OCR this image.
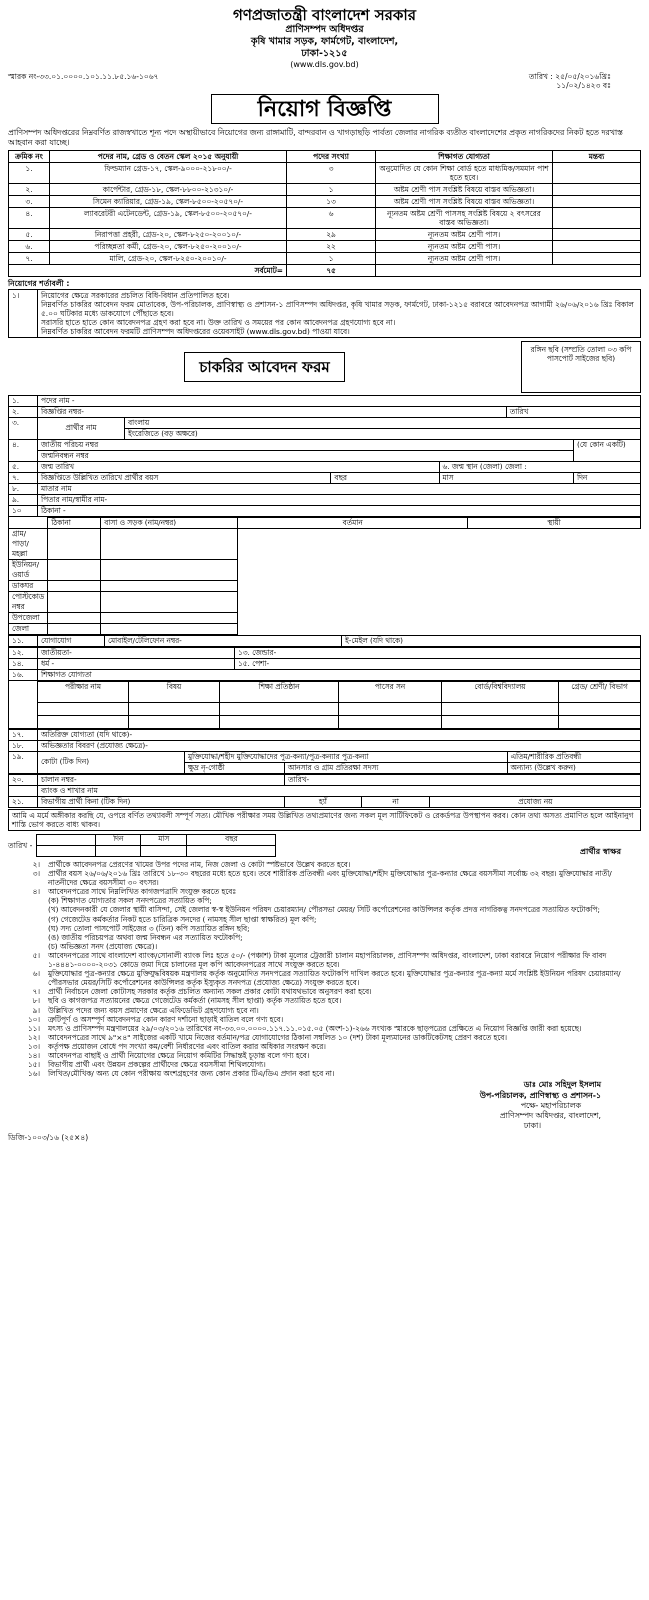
গণপ্রজাতন্ত্রী বাংলাদেশ সরকার
প্রাণিসম্পদ অধিদপ্তর
কৃষি খামার সড়ক, ফার্মগেট, বাংলাদেশ,
ঢাকা-১২১৫
(www.dls.gov.bd)
স্মারক নং-৩৩.০১.০০০০.১০১.১১.৮৫.১৬-১০৬৭	তারিখ : ২৫/০৫/২০১৬খ্রিঃ
১১/০২/১৪২৩ বঃ
নিয়োগ বিজ্ঞপ্তি
প্রাণিসম্পদ অধিদপ্তরের নিম্নবর্ণিত রাজস্বখাতে শূন্য পদে অস্থায়ীভাবে নিয়োগের জন্য রাঙ্গামাটি, বান্দরবান ও খাগড়াছড়ি পার্বত্য জেলার নাগরিক ব্যতীত বাংলাদেশের প্রকৃত নাগরিকদের নিকট হতে দরখাস্ত আহবান করা যাচ্ছে।
ক্রমিক নং	পদের নাম, গ্রেড ও বেতন স্কেল ২০১৫ অনুযায়ী	পদের সংখ্যা	শিক্ষাগত যোগ্যতা	মন্তব্য
১.	ফিল্ডম্যান গ্রেড-১৭, স্কেল-৯০০০-২১৮০০/-	৩	অনুমোদিত যে কোন শিক্ষা বোর্ড হতে মাধ্যমিক/সমমান পাশ হতে হবে।	
২.	কার্পেন্টার, গ্রেড-১৮, স্কেল-৮৮০০-২১৩১০/-	১	অষ্টম শ্রেণী পাস সংশ্লিষ্ট বিষয়ে বাস্তব অভিজ্ঞতা।	
৩.	সিমেন ক্যারিয়ার, গ্রেড-১৯, স্কেল-৮৫০০-২০৫৭০/-	১৩	অষ্টম শ্রেণী পাস সংশ্লিষ্ট বিষয়ে বাস্তব অভিজ্ঞতা।	
৪.	ল্যাবরেটরী এটেনডেন্ট, গ্রেড-১৯, স্কেল-৮৫০০-২০৫৭০/-	৬	ন্যূনতম অষ্টম শ্রেণী পাসসহ সংশ্লিষ্ট বিষয়ে ২ বৎসরের বাস্তব অভিজ্ঞতা।	
৫.	নিরাপত্তা প্রহরী, গ্রেড-২০, স্কেল-৮২৫০-২০০১০/-	২৯	ন্যূনতম অষ্টম শ্রেণী পাস।	
৬.	পরিচ্ছন্নতা কর্মী, গ্রেড-২০, স্কেল-৮২৫০-২০০১০/-	২২	ন্যূনতম অষ্টম শ্রেণী পাস।	
৭.	মালি, গ্রেড-২০, স্কেল-৮২৫০-২০০১০/-	১	ন্যূনতম অষ্টম শ্রেণী পাস।	
সর্বমোট=		৭৫		
নিয়োগের শর্তাবলী :
১।	নিয়োগের ক্ষেত্রে সরকারের প্রচলিত বিধি-বিধান প্রতিপালিত হবে।
নিম্নবর্ণিত চাকরির আবেদন ফরম মোতাবেক, উপ-পরিচালক, প্রাণিস্বাস্থ্য ও প্রশাসন-১ প্রাণিসম্পদ অধিদপ্তর, কৃষি খামার সড়ক, ফার্মগেট, ঢাকা-১২১৫ বরাবরে আবেদনপত্র আগামী ২৬/০৬/২০১৬ খ্রিঃ বিকাল ৫.০০ ঘটিকার মধ্যে ডাকযোগে পৌঁছাতে হবে।
সরাসরি হাতে হাতে কোন আবেদনপত্র গ্রহণ করা হবে না। উক্ত তারিখ ও সময়ের পর কোন আবেদনপত্র গ্রহণযোগ্য হবে না।
নিম্নবর্ণিত চাকরির আবেদন ফরমটি প্রাণিসম্পদ অধিদপ্তরের ওয়েবসাইট (www.dls.gov.bd) পাওয়া যাবে।
চাকরির আবেদন ফরম
রঙ্গিন ছবি (সম্প্রতি তোলা ০৩ কপি পাসপোর্ট সাইজের ছবি)
১.	পদের নাম -					
২.	বিজ্ঞপ্তির নম্বর-				তারিখ	
৩.	প্রার্থীর নাম	বাংলায়				
		ইংরেজিতে (বড় অক্ষরে)				
৪.	জাতীয় পরিচয় নম্বর					(যে কোন একটি)
	জন্মনিবন্ধন নম্বর					
৫.	জন্ম তারিখ			৬. জন্ম স্থান (জেলা) জেলা :		
৭.	বিজ্ঞপ্তিতে উল্লিখিত তারিখে প্রার্থীর বয়স		বছর	মাস		দিন
৮.	মাতার নাম					
৯.	পিতার নাম/স্বামীর নাম-					
১০	ঠিকানা -					
	ঠিকানা	বাসা ও সড়ক (নাম/নম্বর)	বর্তমান	স্থায়ী
গ্রাম/ পাড়া/ মহল্লা				
ইউনিয়ন/ওয়ার্ড				
ডাকঘর				
পোস্টকোড নম্বর				
উপজেলা				
জেলা				
১১.	যোগাযোগ	মোবাইল/টেলিফোন নম্বর-	ই-মেইল (যদি থাকে)
১২.	জাতীয়তা-	১৩. জেন্ডার-
১৪.	ধর্ম -	১৫. পেশা-
১৬.	শিক্ষাগত যোগ্যতা	
	পরীক্ষার নাম	বিষয়	শিক্ষা প্রতিষ্ঠান	পাসের সন	বোর্ড/বিশ্ববিদ্যালয়	গ্রেড/ শ্রেণী/ বিভাগ

১৭.	অতিরিক্ত যোগ্যতা (যদি থাকে)-			
১৮.	অভিজ্ঞতার বিবরণ (প্রযোজ্য ক্ষেত্রে)-			
১৯.	কোটা (টিক দিন)	মুক্তিযোদ্ধা/শহীদ মুক্তিযোদ্ধাদের পুত্র-কন্যা/পুত্র-কন্যার পুত্র-কন্যা		এতিম/শারীরিক প্রতিবন্ধী
		ক্ষুদ্র নৃ-গোষ্ঠী	আনসার ও গ্রাম প্রতিরক্ষা সদস্য	অন্যান্য (উল্লেখ করুন)
২০.	চালান নম্বর-	তারিখ-		
	ব্যাংক ও শাখার নাম			
২১.	বিভাগীয় প্রার্থী কিনা (টিক দিন)	হ্যাঁ	না	প্রযোজ্য নয়
আমি এ মর্মে অঙ্গীকার করছি যে, ওপরে বর্ণিত তথ্যাবলী সম্পূর্ণ সত্য। মৌখিক পরীক্ষার সময় উল্লিখিত তথ্যপ্রমাণের জন্য সকল মূল সার্টিফিকেট ও রেকর্ডপত্র উপস্থাপন করব। কোন তথ্য অসত্য প্রমাণিত হলে আইনানুগ শাস্তি ভোগ করতে বাধ্য থাকব।
তারিখ -
	দিন	মাস	বছর

প্রার্থীর স্বাক্ষর
২।	প্রার্থীকে আবেদনপত্র প্রেরণের খামের উপর পদের নাম, নিজ জেলা ও কোটা স্পষ্টভাবে উল্লেখ করতে হবে।
৩।	প্রার্থীর বয়স ২৬/০৬/২০১৬ খ্রিঃ তারিখে ১৮-৩০ বছরের মধ্যে হতে হবে। তবে শারীরিক প্রতিবন্ধী এবং মুক্তিযোদ্ধা/শহীদ মুক্তিযোদ্ধার পুত্র-কন্যার ক্ষেত্রে বয়সসীমা সর্বোচ্চ ৩২ বছর। মুক্তিযোদ্ধার নাতী/নাতনীদের ক্ষেত্রে বয়সসীমা ৩০ বৎসর।
৪।	আবেদনপত্রের সাথে নিম্নলিখিত কাগজপত্রাদি সংযুক্ত করতে হবেঃ
	(ক) শিক্ষাগত যোগ্যতার সকল সনদপত্রের সত্যায়িত কপি;
	(খ) আবেদনকারী যে জেলার স্থায়ী বাসিন্দা, সেই জেলার স্ব-স্ব ইউনিয়ন পরিষদ চেয়ারম্যান/ পৌরসভা মেয়র/ সিটি কর্পোরেশনের কাউন্সিলর কর্তৃক প্রদত্ত নাগরিকত্ব সনদপত্রের সত্যায়িত ফটোকপি;
	(গ) গেজেটেড কর্মকর্তার নিকট হতে চারিত্রিক সনদের ( নামসহ সীল ছাপ্তা স্বাক্ষরিত) মূল কপি;
	(ঘ) সদ্য তোলা পাসপোর্ট সাইজের ৩ (তিন) কপি সত্যায়িত রঙ্গিন ছবি;
	(ঙ) জাতীয় পরিচয়পত্র অথবা জন্ম নিবন্ধন এর সত্যায়িত ফটোকপি;
	(চ) অভিজ্ঞতা সনদ (প্রযোজ্য ক্ষেত্রে)।
৫।	আবেদনপত্রের সাথে বাংলাদেশ ব্যাংক/সোনালী ব্যাংক লিঃ হতে ৫০/- (পঞ্চাশ) টাকা মূল্যের ট্রেজারী চালান মহাপরিচালক, প্রাণিসম্পদ অধিদপ্তর, বাংলাদেশ, ঢাকা বরাবরে নিয়োগ পরীক্ষার ফি বাবদ ১-৪৪৪১-০০০০-২০৩১ কোডে জমা দিয়ে চালানের মূল কপি আবেদনপত্রের সাথে সংযুক্ত করতে হবে।
৬।	মুক্তিযোদ্ধার পুত্র-কন্যার ক্ষেত্রে মুক্তিযুদ্ধবিষয়ক মন্ত্রণালয় কর্তৃক অনুমোদিত সনদপত্রের সত্যায়িত ফটোকপি দাখিল করতে হবে। মুক্তিযোদ্ধার পুত্র-কন্যার পুত্র-কন্যা মর্মে সংশ্লিষ্ট ইউনিয়ন পরিষদ চেয়ারম্যান/পৌরসভার মেয়র/সিটি কর্পোরেশনের কাউন্সিলর কর্তৃক ইস্যুকৃত সনদপত্র (প্রযোজ্য ক্ষেত্রে) সংযুক্ত করতে হবে।
৭।	প্রার্থী নির্বাচনে জেলা কোটাসহ সরকার কর্তৃক প্রচলিত অন্যান্য সকল প্রকার কোটা যথাযথভাবে অনুসরণ করা হবে।
৮।	ছবি ও কাগজপত্র সত্যায়নের ক্ষেত্রে গেজেটেড কর্মকর্তা (নামসহ সীল ছাপ্তা) কর্তৃক সত্যায়িত হতে হবে।
৯।	উল্লিখিত পদের জন্য বয়স প্রমাণের ক্ষেত্রে এফিডেভিট গ্রহণযোগ্য হবে না।
১০।	ত্রুটিপূর্ণ ও অসম্পূর্ণ আবেদনপত্র কোন কারণ দর্শানো ছাড়াই বাতিল বলে গণ্য হবে।
১১।	মৎস্য ও প্রাণিসম্পদ মন্ত্রণালয়ের ২৯/০৩/২০১৬ তারিখের নং-৩৩.০০.০০০০.১১৭.১১.০১৫.০৫ (অংশ-১)-২৬৬ সংখ্যক স্মারকে ছাড়পত্রের প্রেক্ষিতে এ নিয়োগ বিজ্ঞপ্তি জারী করা হয়েছে।
১২।	আবেদনপত্রের সাথে ৯"×৪" সাইজের একটি খামে নিজের বর্তমান/পত্র যোগাযোগের ঠিকানা সম্বলিত ১০ (দশ) টাকা মূল্যমানের ডাকটিকেটসহ প্রেরণ করতে হবে।
১৩।	কর্তৃপক্ষ প্রয়োজন বোধে পদ সংখ্যা কম/বেশী নির্ধারণের এবং বাতিল করার অধিকার সংরক্ষণ করে।
১৪।	আবেদনপত্র বাছাই ও প্রার্থী নিয়োগের ক্ষেত্রে নিয়োগ কমিটির সিদ্ধান্তই চূড়ান্ত বলে গণ্য হবে।
১৫।	বিভাগীয় প্রার্থী এবং উন্নয়ন প্রকল্পের প্রার্থীদের ক্ষেত্রে বয়সসীমা শিথিলযোগ্য।
১৬।	লিখিত/মৌখিক/ অন্য যে কোন পরীক্ষায় অংশগ্রহণের জন্য কোন প্রকার টিএ/ডিএ প্রদান করা হবে না।
ডাঃ মোঃ সহিদুল ইসলাম
উপ-পরিচালক, প্রাণিস্বাস্থ্য ও প্রশাসন-১
পক্ষে- মহাপরিচালক
প্রাণিসম্পদ অধিদপ্তর, বাংলাদেশ,
ঢাকা।
ডিজি-১০০৩/১৬ (২৫×৪)
